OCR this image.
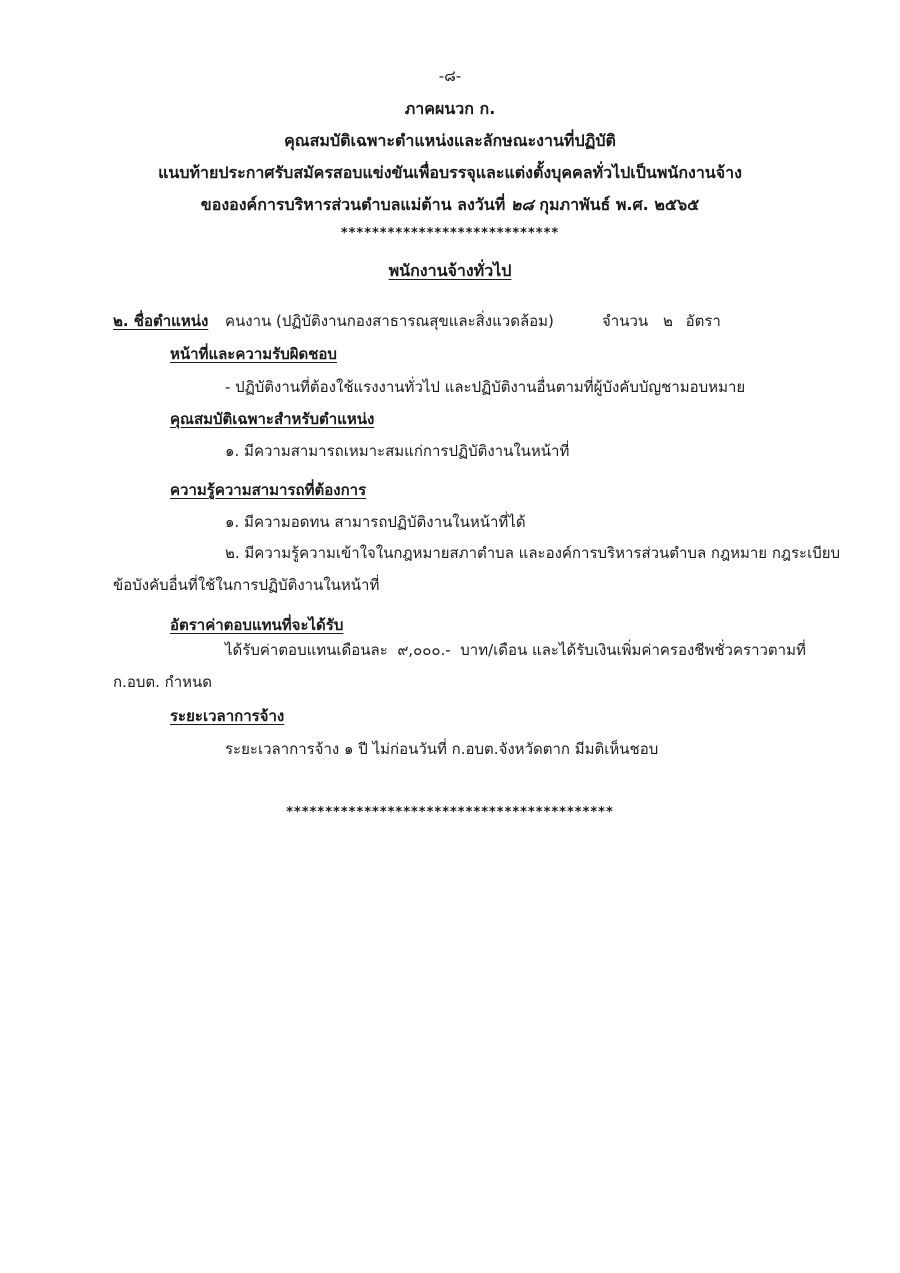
-๘-
ภาคผนวก ก.
คุณสมบัติเฉพาะตำแหน่งและลักษณะงานที่ปฏิบัติ
แนบท้ายประกาศรับสมัครสอบแข่งขันเพื่อบรรจุและแต่งตั้งบุคคลทั่วไปเป็นพนักงานจ้าง
ขององค์การบริหารส่วนตำบลแม่ต้าน ลงวันที่ ๒๘ กุมภาพันธ์ พ.ศ. ๒๕๖๕
****************************
พนักงานจ้างทั่วไป
๒. ชื่อตำแหน่ง คนงาน (ปฏิบัติงานกองสาธารณสุขและสิ่งแวดล้อม)	จำนวน ๒ อัตรา
หน้าที่และความรับผิดชอบ
- ปฏิบัติงานที่ต้องใช้แรงงานทั่วไป และปฏิบัติงานอื่นตามที่ผู้บังคับบัญชามอบหมาย
คุณสมบัติเฉพาะสำหรับตำแหน่ง
๑. มีความสามารถเหมาะสมแก่การปฏิบัติงานในหน้าที่
ความรู้ความสามารถที่ต้องการ
๑. มีความอดทน สามารถปฏิบัติงานในหน้าที่ได้
๒. มีความรู้ความเข้าใจในกฎหมายสภาตำบล และองค์การบริหารส่วนตำบล กฎหมาย กฎระเบียบ
ข้อบังคับอื่นที่ใช้ในการปฏิบัติงานในหน้าที่
อัตราค่าตอบแทนที่จะได้รับ
ได้รับค่าตอบแทนเดือนละ  ๙,๐๐๐.-  บาท/เดือน และได้รับเงินเพิ่มค่าครองชีพชั่วคราวตามที่
ก.อบต. กำหนด
ระยะเวลาการจ้าง
ระยะเวลาการจ้าง ๑ ปี ไม่ก่อนวันที่ ก.อบต.จังหวัดตาก มีมติเห็นชอบ
******************************************
